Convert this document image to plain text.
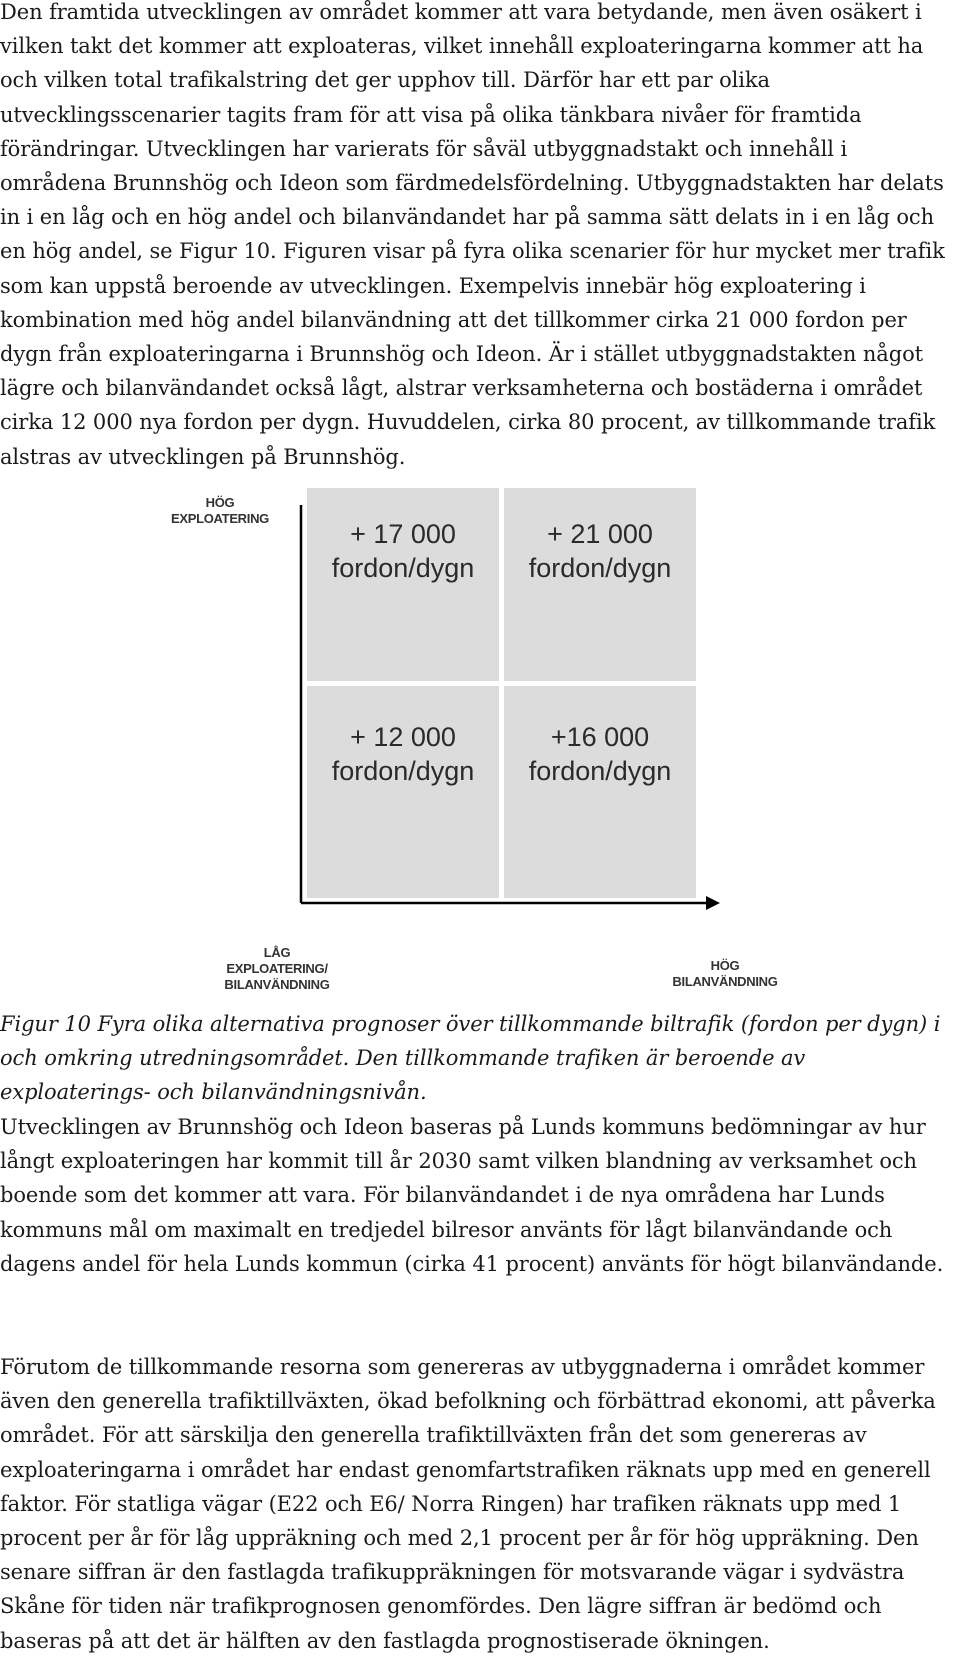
Den framtida utvecklingen av området kommer att vara betydande, men även osäkert i vilken takt det kommer att exploateras, vilket innehåll exploateringarna kommer att ha och vilken total trafikalstring det ger upphov till. Därför har ett par olika utvecklingsscenarier tagits fram för att visa på olika tänkbara nivåer för framtida förändringar. Utvecklingen har varierats för såväl utbyggnadstakt och innehåll i områdena Brunnshög och Ideon som färdmedelsfördelning. Utbyggnadstakten har delats in i en låg och en hög andel och bilanvändandet har på samma sätt delats in i en låg och en hög andel, se Figur 10. Figuren visar på fyra olika scenarier för hur mycket mer trafik som kan uppstå beroende av utvecklingen. Exempelvis innebär hög exploatering i kombination med hög andel bilanvändning att det tillkommer cirka 21 000 fordon per dygn från exploateringarna i Brunnshög och Ideon. Är i stället utbyggnadstakten något lägre och bilanvändandet också lågt, alstrar verksamheterna och bostäderna i området cirka 12 000 nya fordon per dygn. Huvuddelen, cirka 80 procent, av tillkommande trafik alstras av utvecklingen på Brunnshög.

HÖG
EXPLOATERING
+ 17 000
fordon/dygn
+ 21 000
fordon/dygn
+ 12 000
fordon/dygn
+16 000
fordon/dygn
LÅG
EXPLOATERING/
BILANVÄNDNING
HÖG
BILANVÄNDNING

Figur 10 Fyra olika alternativa prognoser över tillkommande biltrafik (fordon per dygn) i och omkring utredningsområdet. Den tillkommande trafiken är beroende av exploaterings- och bilanvändningsnivån.

Utvecklingen av Brunnshög och Ideon baseras på Lunds kommuns bedömningar av hur långt exploateringen har kommit till år 2030 samt vilken blandning av verksamhet och boende som det kommer att vara. För bilanvändandet i de nya områdena har Lunds kommuns mål om maximalt en tredjedel bilresor använts för lågt bilanvändande och dagens andel för hela Lunds kommun (cirka 41 procent) använts för högt bilanvändande.

Förutom de tillkommande resorna som genereras av utbyggnaderna i området kommer även den generella trafiktillväxten, ökad befolkning och förbättrad ekonomi, att påverka området. För att särskilja den generella trafiktillväxten från det som genereras av exploateringarna i området har endast genomfartstrafiken räknats upp med en generell faktor. För statliga vägar (E22 och E6/ Norra Ringen) har trafiken räknats upp med 1 procent per år för låg uppräkning och med 2,1 procent per år för hög uppräkning. Den senare siffran är den fastlagda trafikuppräkningen för motsvarande vägar i sydvästra Skåne för tiden när trafikprognosen genomfördes. Den lägre siffran är bedömd och baseras på att det är hälften av den fastlagda prognostiserade ökningen.
